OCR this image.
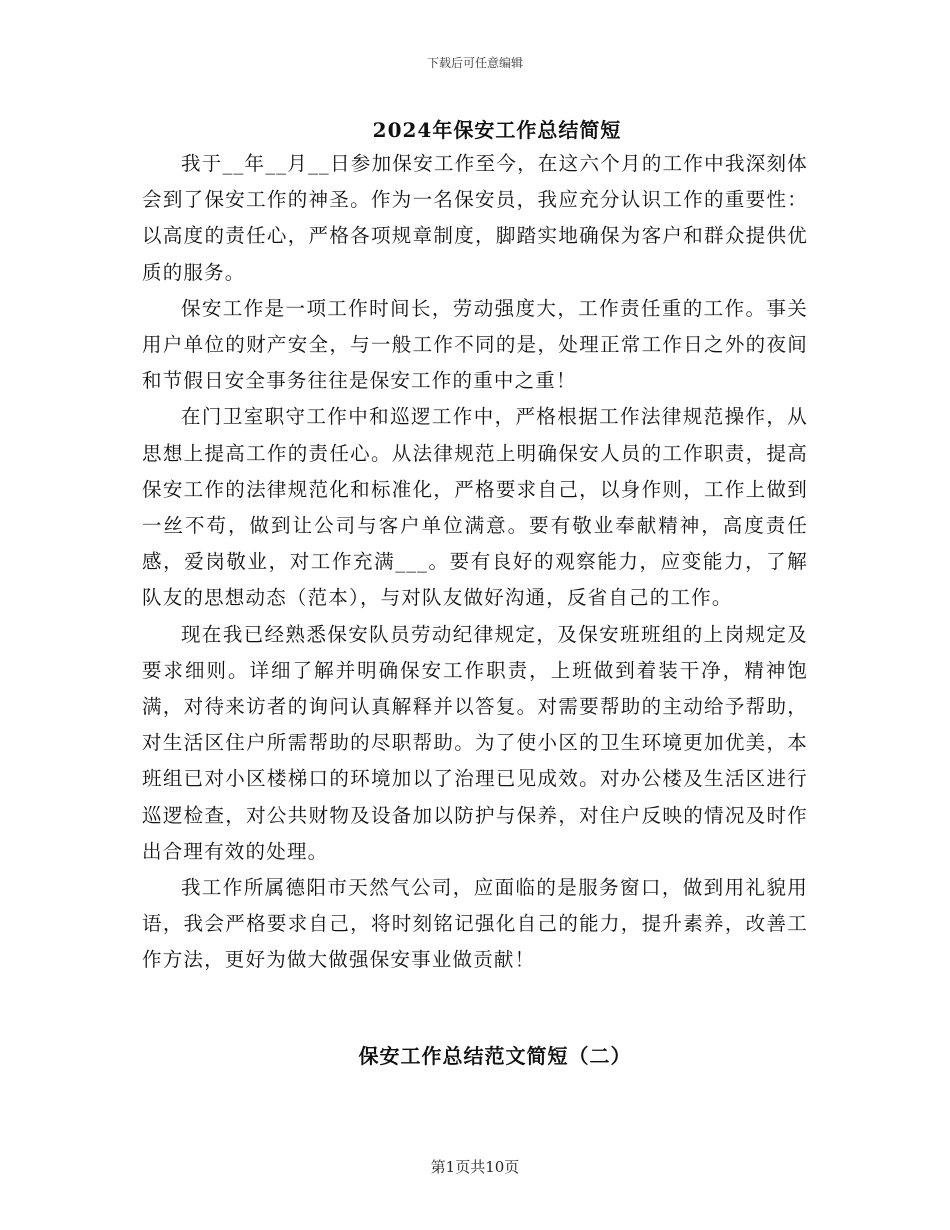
下载后可任意编辑
2024年保安工作总结简短

我于__年__月__日参加保安工作至今，在这六个月的工作中我深刻体会到了保安工作的神圣。作为一名保安员，我应充分认识工作的重要性：以高度的责任心，严格各项规章制度，脚踏实地确保为客户和群众提供优质的服务。

保安工作是一项工作时间长，劳动强度大，工作责任重的工作。事关用户单位的财产安全，与一般工作不同的是，处理正常工作日之外的夜间和节假日安全事务往往是保安工作的重中之重！

在门卫室职守工作中和巡逻工作中，严格根据工作法律规范操作，从思想上提高工作的责任心。从法律规范上明确保安人员的工作职责，提高保安工作的法律规范化和标准化，严格要求自己，以身作则，工作上做到一丝不苟，做到让公司与客户单位满意。要有敬业奉献精神，高度责任感，爱岗敬业，对工作充满___。要有良好的观察能力，应变能力，了解队友的思想动态（范本），与对队友做好沟通，反省自己的工作。

现在我已经熟悉保安队员劳动纪律规定，及保安班班组的上岗规定及要求细则。详细了解并明确保安工作职责，上班做到着装干净，精神饱满，对待来访者的询问认真解释并以答复。对需要帮助的主动给予帮助，对生活区住户所需帮助的尽职帮助。为了使小区的卫生环境更加优美，本班组已对小区楼梯口的环境加以了治理已见成效。对办公楼及生活区进行巡逻检查，对公共财物及设备加以防护与保养，对住户反映的情况及时作出合理有效的处理。

我工作所属德阳市天然气公司，应面临的是服务窗口，做到用礼貌用语，我会严格要求自己，将时刻铭记强化自己的能力，提升素养，改善工作方法，更好为做大做强保安事业做贡献！

保安工作总结范文简短（二）
第1页共10页
